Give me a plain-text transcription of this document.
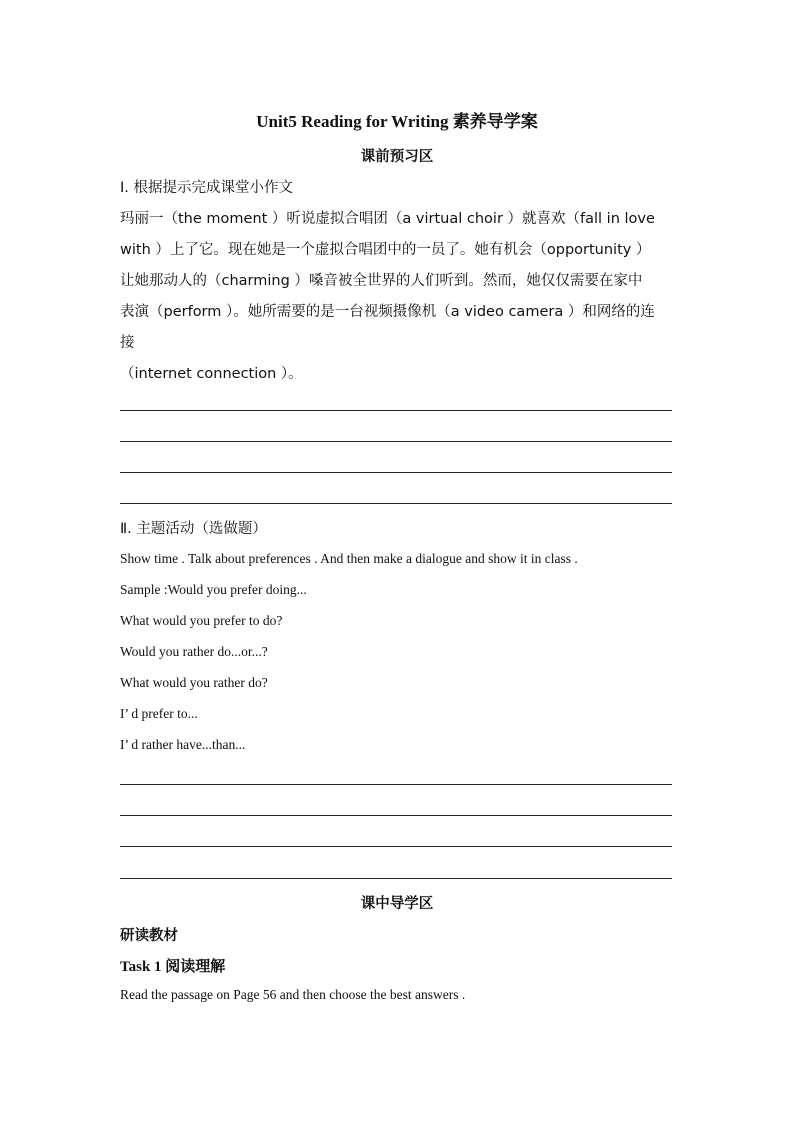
Unit5 Reading for Writing 素养导学案
课前预习区
I. 根据提示完成课堂小作文
玛丽一（the moment ）听说虚拟合唱团（a virtual choir ）就喜欢（fall in love
with ）上了它。现在她是一个虚拟合唱团中的一员了。她有机会（opportunity ）
让她那动人的（charming ）嗓音被全世界的人们听到。然而，她仅仅需要在家中
表演（perform ）。她所需要的是一台视频摄像机（a video camera ）和网络的连
接
（internet connection ）。
Ⅱ. 主题活动（选做题）
Show time . Talk about preferences . And then make a dialogue and show it in class .
Sample :Would you prefer doing...
What would you prefer to do?
Would you rather do...or...?
What would you rather do?
I’ d prefer to...
I’ d rather have...than...
课中导学区
研读教材
Task 1 阅读理解
Read the passage on Page 56 and then choose the best answers .
